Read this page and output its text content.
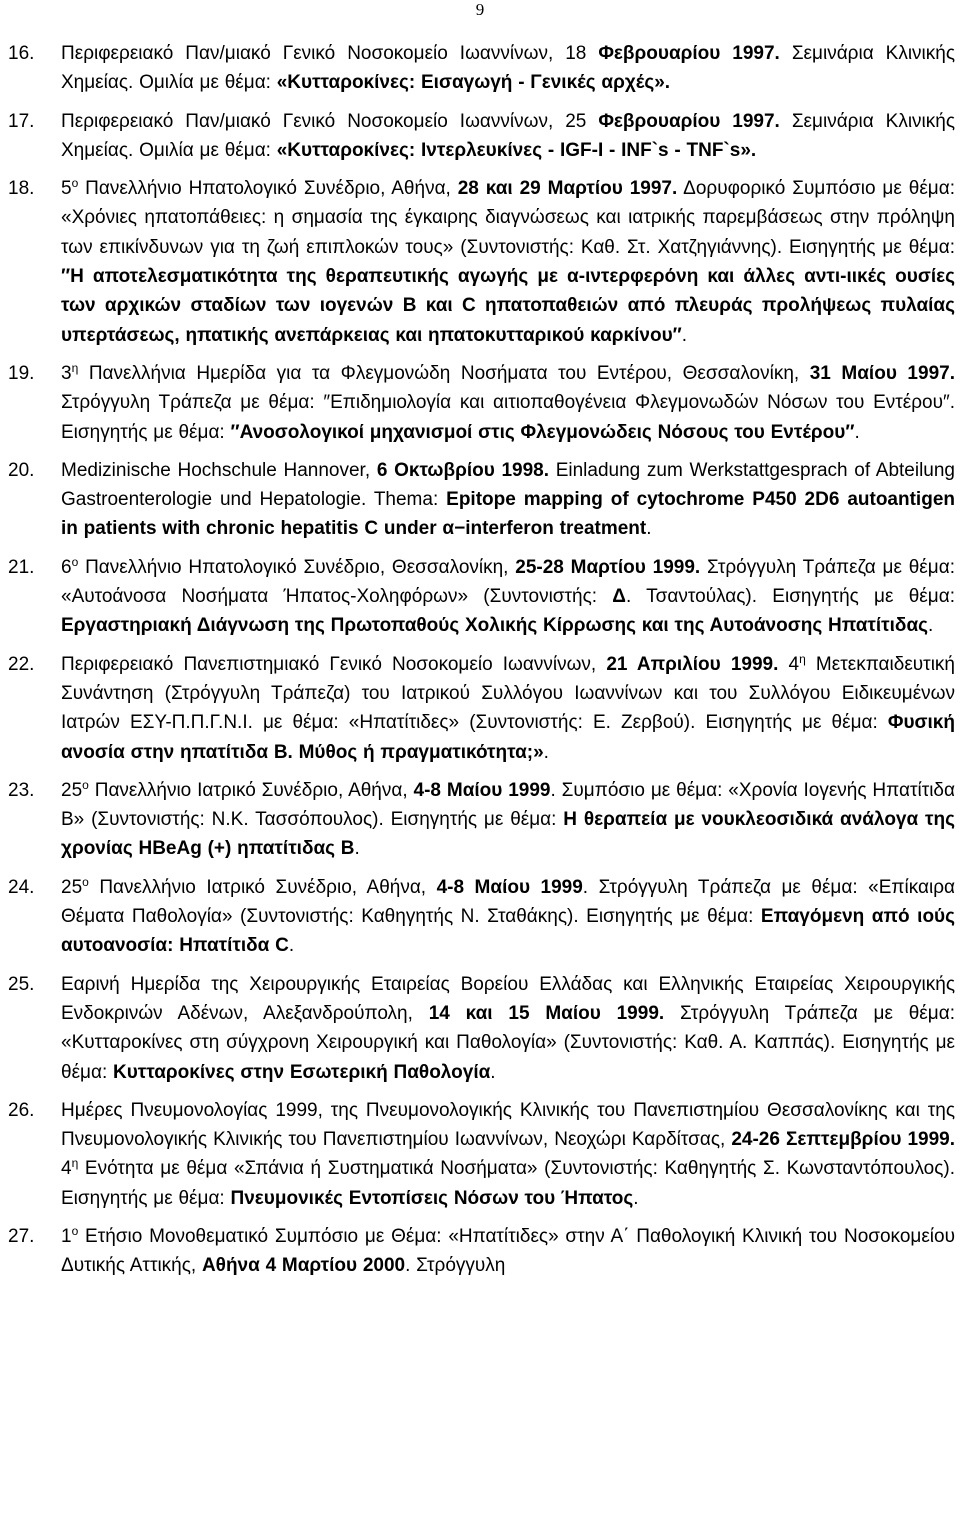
9
16. Περιφερειακό Παν/μιακό Γενικό Νοσοκομείο Ιωαννίνων, 18 Φεβρουαρίου 1997. Σεμινάρια Κλινικής Χημείας. Ομιλία με θέμα: «Κυτταροκίνες: Εισαγωγή - Γενικές αρχές».
17. Περιφερειακό Παν/μιακό Γενικό Νοσοκομείο Ιωαννίνων, 25 Φεβρουαρίου 1997. Σεμινάρια Κλινικής Χημείας. Ομιλία με θέμα: «Κυτταροκίνες: Ιντερλευκίνες - IGF-I - INF`s - TNF`s».
18. $5^o$ Πανελλήνιο Ηπατολογικό Συνέδριο, Αθήνα, 28 και 29 Μαρτίου 1997. Δορυφορικό Συμπόσιο με θέμα: «Χρόνιες ηπατοπάθειες: η σημασία της έγκαιρης διαγνώσεως και ιατρικής παρεμβάσεως στην πρόληψη των επικίνδυνων για τη ζωή επιπλοκών τους» (Συντονιστής: Καθ. Στ. Χατζηγιάννης). Εισηγητής με θέμα: ″Η αποτελεσματικότητα της θεραπευτικής αγωγής με α-ιντερφερόνη και άλλες αντι-ιικές ουσίες των αρχικών σταδίων των ιογενών Β και C ηπατοπαθειών από πλευράς προλήψεως πυλαίας υπερτάσεως, ηπατικής ανεπάρκειας και ηπατοκυτταρικού καρκίνου″.
19. $3^\eta$ Πανελλήνια Ημερίδα για τα Φλεγμονώδη Νοσήματα του Εντέρου, Θεσσαλονίκη, 31 Μαίου 1997. Στρόγγυλη Τράπεζα με θέμα: ″Επιδημιολογία και αιτιοπαθογένεια Φλεγμονωδών Νόσων του Εντέρου″. Εισηγητής με θέμα: ″Ανοσολογικοί μηχανισμοί στις Φλεγμονώδεις Νόσους του Εντέρου″.
20. Medizinische Hochschule Hannover, 6 Οκτωβρίου 1998. Einladung zum Werkstattgesprach of Abteilung Gastroenterologie und Hepatologie. Thema: Epitope mapping of cytochrome P450 2D6 autoantigen in patients with chronic hepatitis C under α−interferon treatment.
21. $6^o$ Πανελλήνιο Ηπατολογικό Συνέδριο, Θεσσαλονίκη, 25-28 Μαρτίου 1999. Στρόγγυλη Τράπεζα με θέμα: «Αυτοάνοσα Νοσήματα Ήπατος-Χοληφόρων» (Συντονιστής: Δ. Τσαντούλας). Εισηγητής με θέμα: Εργαστηριακή Διάγνωση της Πρωτοπαθούς Χολικής Κίρρωσης και της Αυτοάνοσης Ηπατίτιδας.
22. Περιφερειακό Πανεπιστημιακό Γενικό Νοσοκομείο Ιωαννίνων, 21 Απριλίου 1999. $4^\eta$ Μετεκπαιδευτική Συνάντηση (Στρόγγυλη Τράπεζα) του Ιατρικού Συλλόγου Ιωαννίνων και του Συλλόγου Ειδικευμένων Ιατρών ΕΣΥ-Π.Π.Γ.Ν.Ι. με θέμα: «Ηπατίτιδες» (Συντονιστής: Ε. Ζερβού). Εισηγητής με θέμα: Φυσική ανοσία στην ηπατίτιδα Β. Μύθος ή πραγματικότητα;».
23. $25^o$ Πανελλήνιο Ιατρικό Συνέδριο, Αθήνα, 4-8 Μαίου 1999. Συμπόσιο με θέμα: «Χρονία Ιογενής Ηπατίτιδα Β» (Συντονιστής: Ν.Κ. Τασσόπουλος). Εισηγητής με θέμα: Η θεραπεία με νουκλεοσιδικά ανάλογα της χρονίας HBeAg (+) ηπατίτιδας Β.
24. $25^o$ Πανελλήνιο Ιατρικό Συνέδριο, Αθήνα, 4-8 Μαίου 1999. Στρόγγυλη Τράπεζα με θέμα: «Επίκαιρα Θέματα Παθολογία» (Συντονιστής: Καθηγητής Ν. Σταθάκης). Εισηγητής με θέμα: Επαγόμενη από ιούς αυτοανοσία: Ηπατίτιδα C.
25. Εαρινή Ημερίδα της Χειρουργικής Εταιρείας Βορείου Ελλάδας και Ελληνικής Εταιρείας Χειρουργικής Ενδοκρινών Αδένων, Αλεξανδρούπολη, 14 και 15 Μαίου 1999. Στρόγγυλη Τράπεζα με θέμα: «Κυτταροκίνες στη σύγχρονη Χειρουργική και Παθολογία» (Συντονιστής: Καθ. Α. Καππάς). Εισηγητής με θέμα: Κυτταροκίνες στην Εσωτερική Παθολογία.
26. Ημέρες Πνευμονολογίας 1999, της Πνευμονολογικής Κλινικής του Πανεπιστημίου Θεσσαλονίκης και της Πνευμονολογικής Κλινικής του Πανεπιστημίου Ιωαννίνων, Νεοχώρι Καρδίτσας, 24-26 Σεπτεμβρίου 1999. $4^\eta$ Ενότητα με θέμα «Σπάνια ή Συστηματικά Νοσήματα» (Συντονιστής: Καθηγητής Σ. Κωνσταντόπουλος). Εισηγητής με θέμα: Πνευμονικές Εντοπίσεις Νόσων του Ήπατος.
27. $1^o$ Ετήσιο Μονοθεματικό Συμπόσιο με Θέμα: «Ηπατίτιδες» στην Α΄ Παθολογική Κλινική του Νοσοκομείου Δυτικής Αττικής, Αθήνα 4 Μαρτίου 2000. Στρόγγυλη
